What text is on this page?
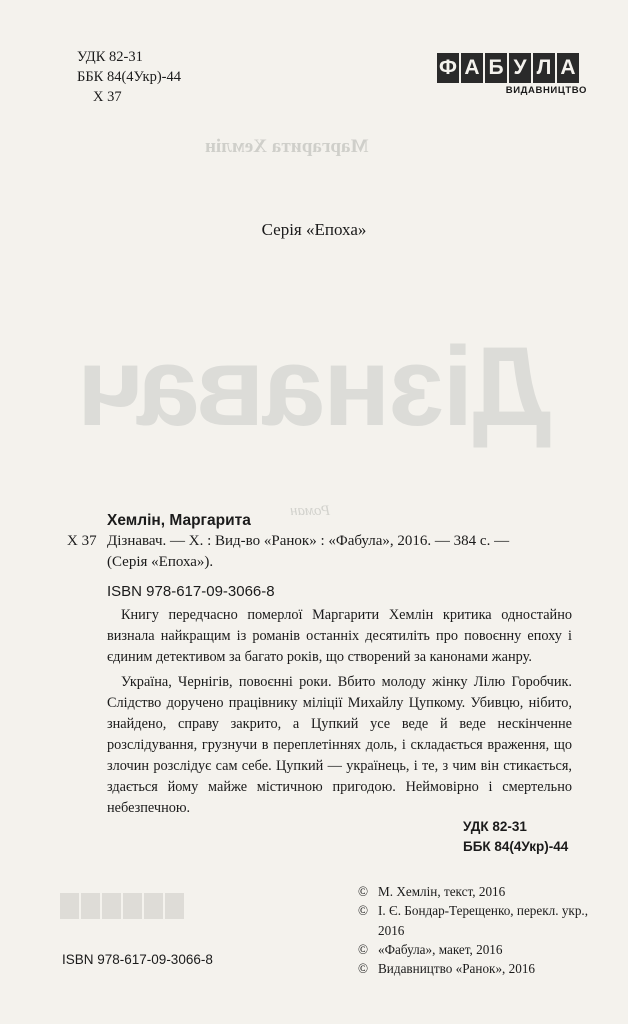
Маргарита Хемлін
Дізнавач
Роман
УДК 82-31
ББК 84(4Укр)-44
Х 37
Ф А Б У Л А
ВИДАВНИЦТВО
Серія «Епоха»
Хемлін, Маргарита
Х 37 Дізнавач. — Х. : Вид-во «Ранок» : «Фабула», 2016. — 384 с. —
(Серія «Епоха»).
ISBN 978-617-09-3066-8

Книгу передчасно померлої Маргарити Хемлін критика одностайно визнала найкращим із романів останніх десятиліть про повоєнну епоху і єдиним детективом за багато років, що створений за канонами жанру.

Україна, Чернігів, повоєнні роки. Вбито молоду жінку Лілю Горобчик. Слідство доручено працівнику міліції Михайлу Цупкому. Убивцю, нібито, знайдено, справу закрито, а Цупкий усе веде й веде нескінченне розслідування, грузнучи в переплетіннях доль, і складається враження, що злочин розслідує сам себе. Цупкий — українець, і те, з чим він стикається, здається йому майже містичною пригодою. Неймовірно і смертельно небезпечною.

УДК 82-31
ББК 84(4Укр)-44
© М. Хемлін, текст, 2016
© І. Є. Бондар-Терещенко, перекл. укр., 2016
© «Фабула», макет, 2016
© Видавництво «Ранок», 2016
ISBN 978-617-09-3066-8
